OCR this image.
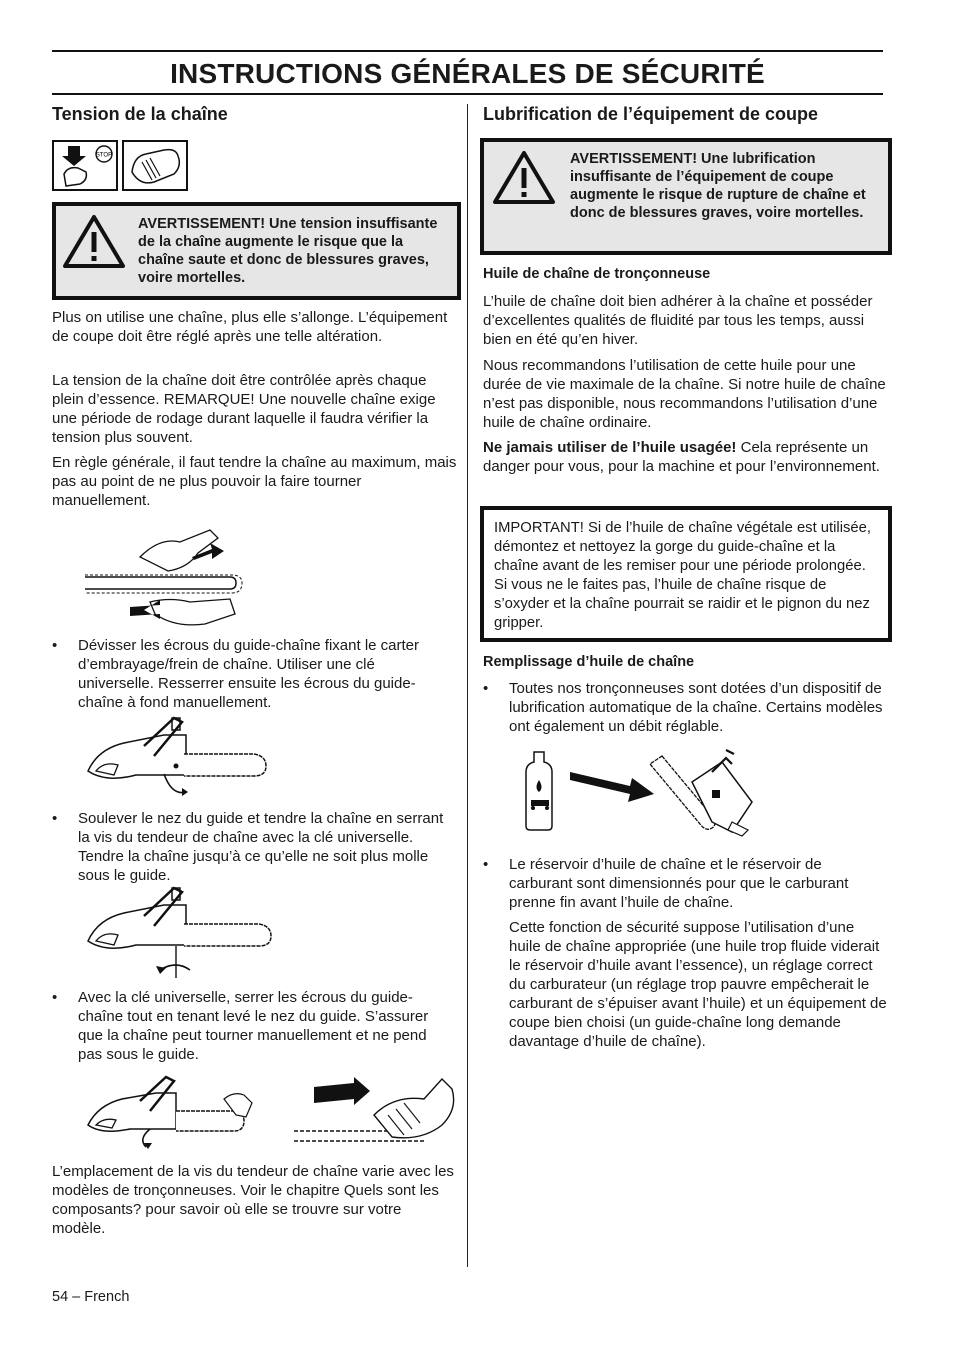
INSTRUCTIONS GÉNÉRALES DE SÉCURITÉ
Tension de la chaîne
STOP
AVERTISSEMENT! Une tension insuffisante de la chaîne augmente le risque que la chaîne saute et donc de blessures graves, voire mortelles.

Plus on utilise une chaîne, plus elle s’allonge. L’équipement de coupe doit être réglé après une telle altération.

La tension de la chaîne doit être contrôlée après chaque plein d’essence. REMARQUE! Une nouvelle chaîne exige une période de rodage durant laquelle il faudra vérifier la tension plus souvent.

En règle générale, il faut tendre la chaîne au maximum, mais pas au point de ne plus pouvoir la faire tourner manuellement.

• Dévisser les écrous du guide-chaîne fixant le carter d’embrayage/frein de chaîne. Utiliser une clé universelle. Resserrer ensuite les écrous du guide-chaîne à fond manuellement.
• Soulever le nez du guide et tendre la chaîne en serrant la vis du tendeur de chaîne avec la clé universelle. Tendre la chaîne jusqu’à ce qu’elle ne soit plus molle sous le guide.
• Avec la clé universelle, serrer les écrous du guide-chaîne tout en tenant levé le nez du guide. S’assurer que la chaîne peut tourner manuellement et ne pend pas sous le guide.

L’emplacement de la vis du tendeur de chaîne varie avec les modèles de tronçonneuses. Voir le chapitre Quels sont les composants? pour savoir où elle se trouvre sur votre modèle.

Lubrification de l’équipement de coupe
AVERTISSEMENT! Une lubrification insuffisante de l’équipement de coupe augmente le risque de rupture de chaîne et donc de blessures graves, voire mortelles.
Huile de chaîne de tronçonneuse

L’huile de chaîne doit bien adhérer à la chaîne et posséder d’excellentes qualités de fluidité par tous les temps, aussi bien en été qu’en hiver.

Nous recommandons l’utilisation de cette huile pour une durée de vie maximale de la chaîne. Si notre huile de chaîne n’est pas disponible, nous recommandons l’utilisation d’une huile de chaîne ordinaire.

Ne jamais utiliser de l’huile usagée! Cela représente un danger pour vous, pour la machine et pour l’environnement.

IMPORTANT! Si de l’huile de chaîne végétale est utilisée, démontez et nettoyez la gorge du guide-chaîne et la chaîne avant de les remiser pour une période prolongée. Si vous ne le faites pas, l’huile de chaîne risque de s’oxyder et la chaîne pourrait se raidir et le pignon du nez gripper.

Remplissage d’huile de chaîne
• Toutes nos tronçonneuses sont dotées d’un dispositif de lubrification automatique de la chaîne. Certains modèles ont également un débit réglable.
• Le réservoir d’huile de chaîne et le réservoir de carburant sont dimensionnés pour que le carburant prenne fin avant l’huile de chaîne.

Cette fonction de sécurité suppose l’utilisation d’une huile de chaîne appropriée (une huile trop fluide viderait le réservoir d’huile avant l’essence), un réglage correct du carburateur (un réglage trop pauvre empêcherait le carburant de s’épuiser avant l’huile) et un équipement de coupe bien choisi (un guide-chaîne long demande davantage d’huile de chaîne).

54 – French
